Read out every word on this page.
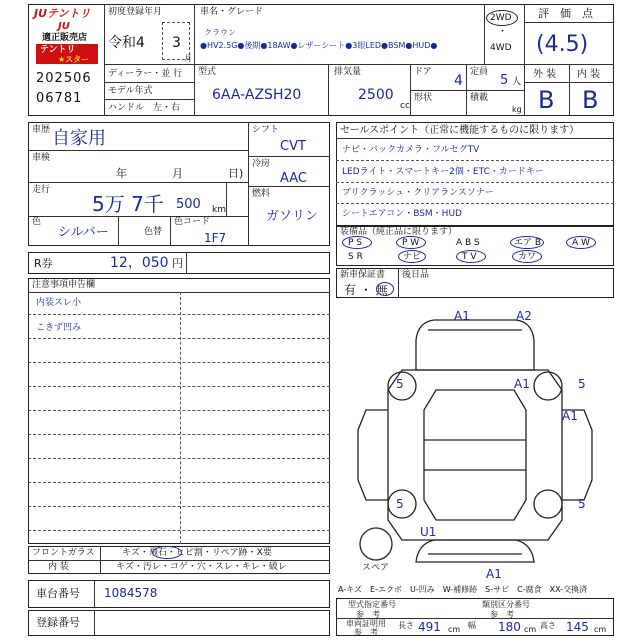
JUテントリ
JU
適正販売店
テントリ
★スター
202506
06781
初度登録年月
令和4 3
月
車名・グレード
クラウン
●HV2.5G●後期●18AW●レザーシート●3眼LED●BSM●HUD●
2WD
・
4WD
評　価　点
(4.5)
外 装 内 装
B B
ディーラー・並 行
モデル年式
ハンドル　左・右
型式
6AA-AZSH20
排気量
2500
cc
ドア
4
形状
定員
5 人
積載
kg
車歴 自家用
車検
年	月	日)
走行
5万 7千 500 km
色
シルバー	色替
色コード
1F7
シフト
CVT
冷房
AAC
燃料
ガソリン
R券	12，050 円
セールスポイント（正常に機能するものに限ります）
ナビ・バックカメラ・フルセグTV
LEDライト・スマートキー2個・ETC・カードキー
ブリクラッシュ・クリアランスソナー
シートエアコン・BSM・HUD
装備品（純正品に限ります）
P S	P W	A B S	エア B	A W
S R	ナビ	T V	カワ
新車保証書 後日品
有 ・ 無
注意事項申告欄
内装スレ小
こきず凹み
A1	A2
5	A1	5
A1
5	5
U1
A1
スペア
フロントガラス	キズ・飛石・ヒビ割・リペア跡・X要
内 装	キズ・汚レ・コゲ・穴・スレ・キレ・破レ
車台番号 1084578
登録番号
A-キズ　E-エクボ　U-凹み　W-補修跡　S-サビ　C-腐食　XX-交換済
型式指定番号
参　考
類別区分番号
参　考
車両証明用
参　考
長さ 491 cm 幅 180 cm 高さ 145 cm
